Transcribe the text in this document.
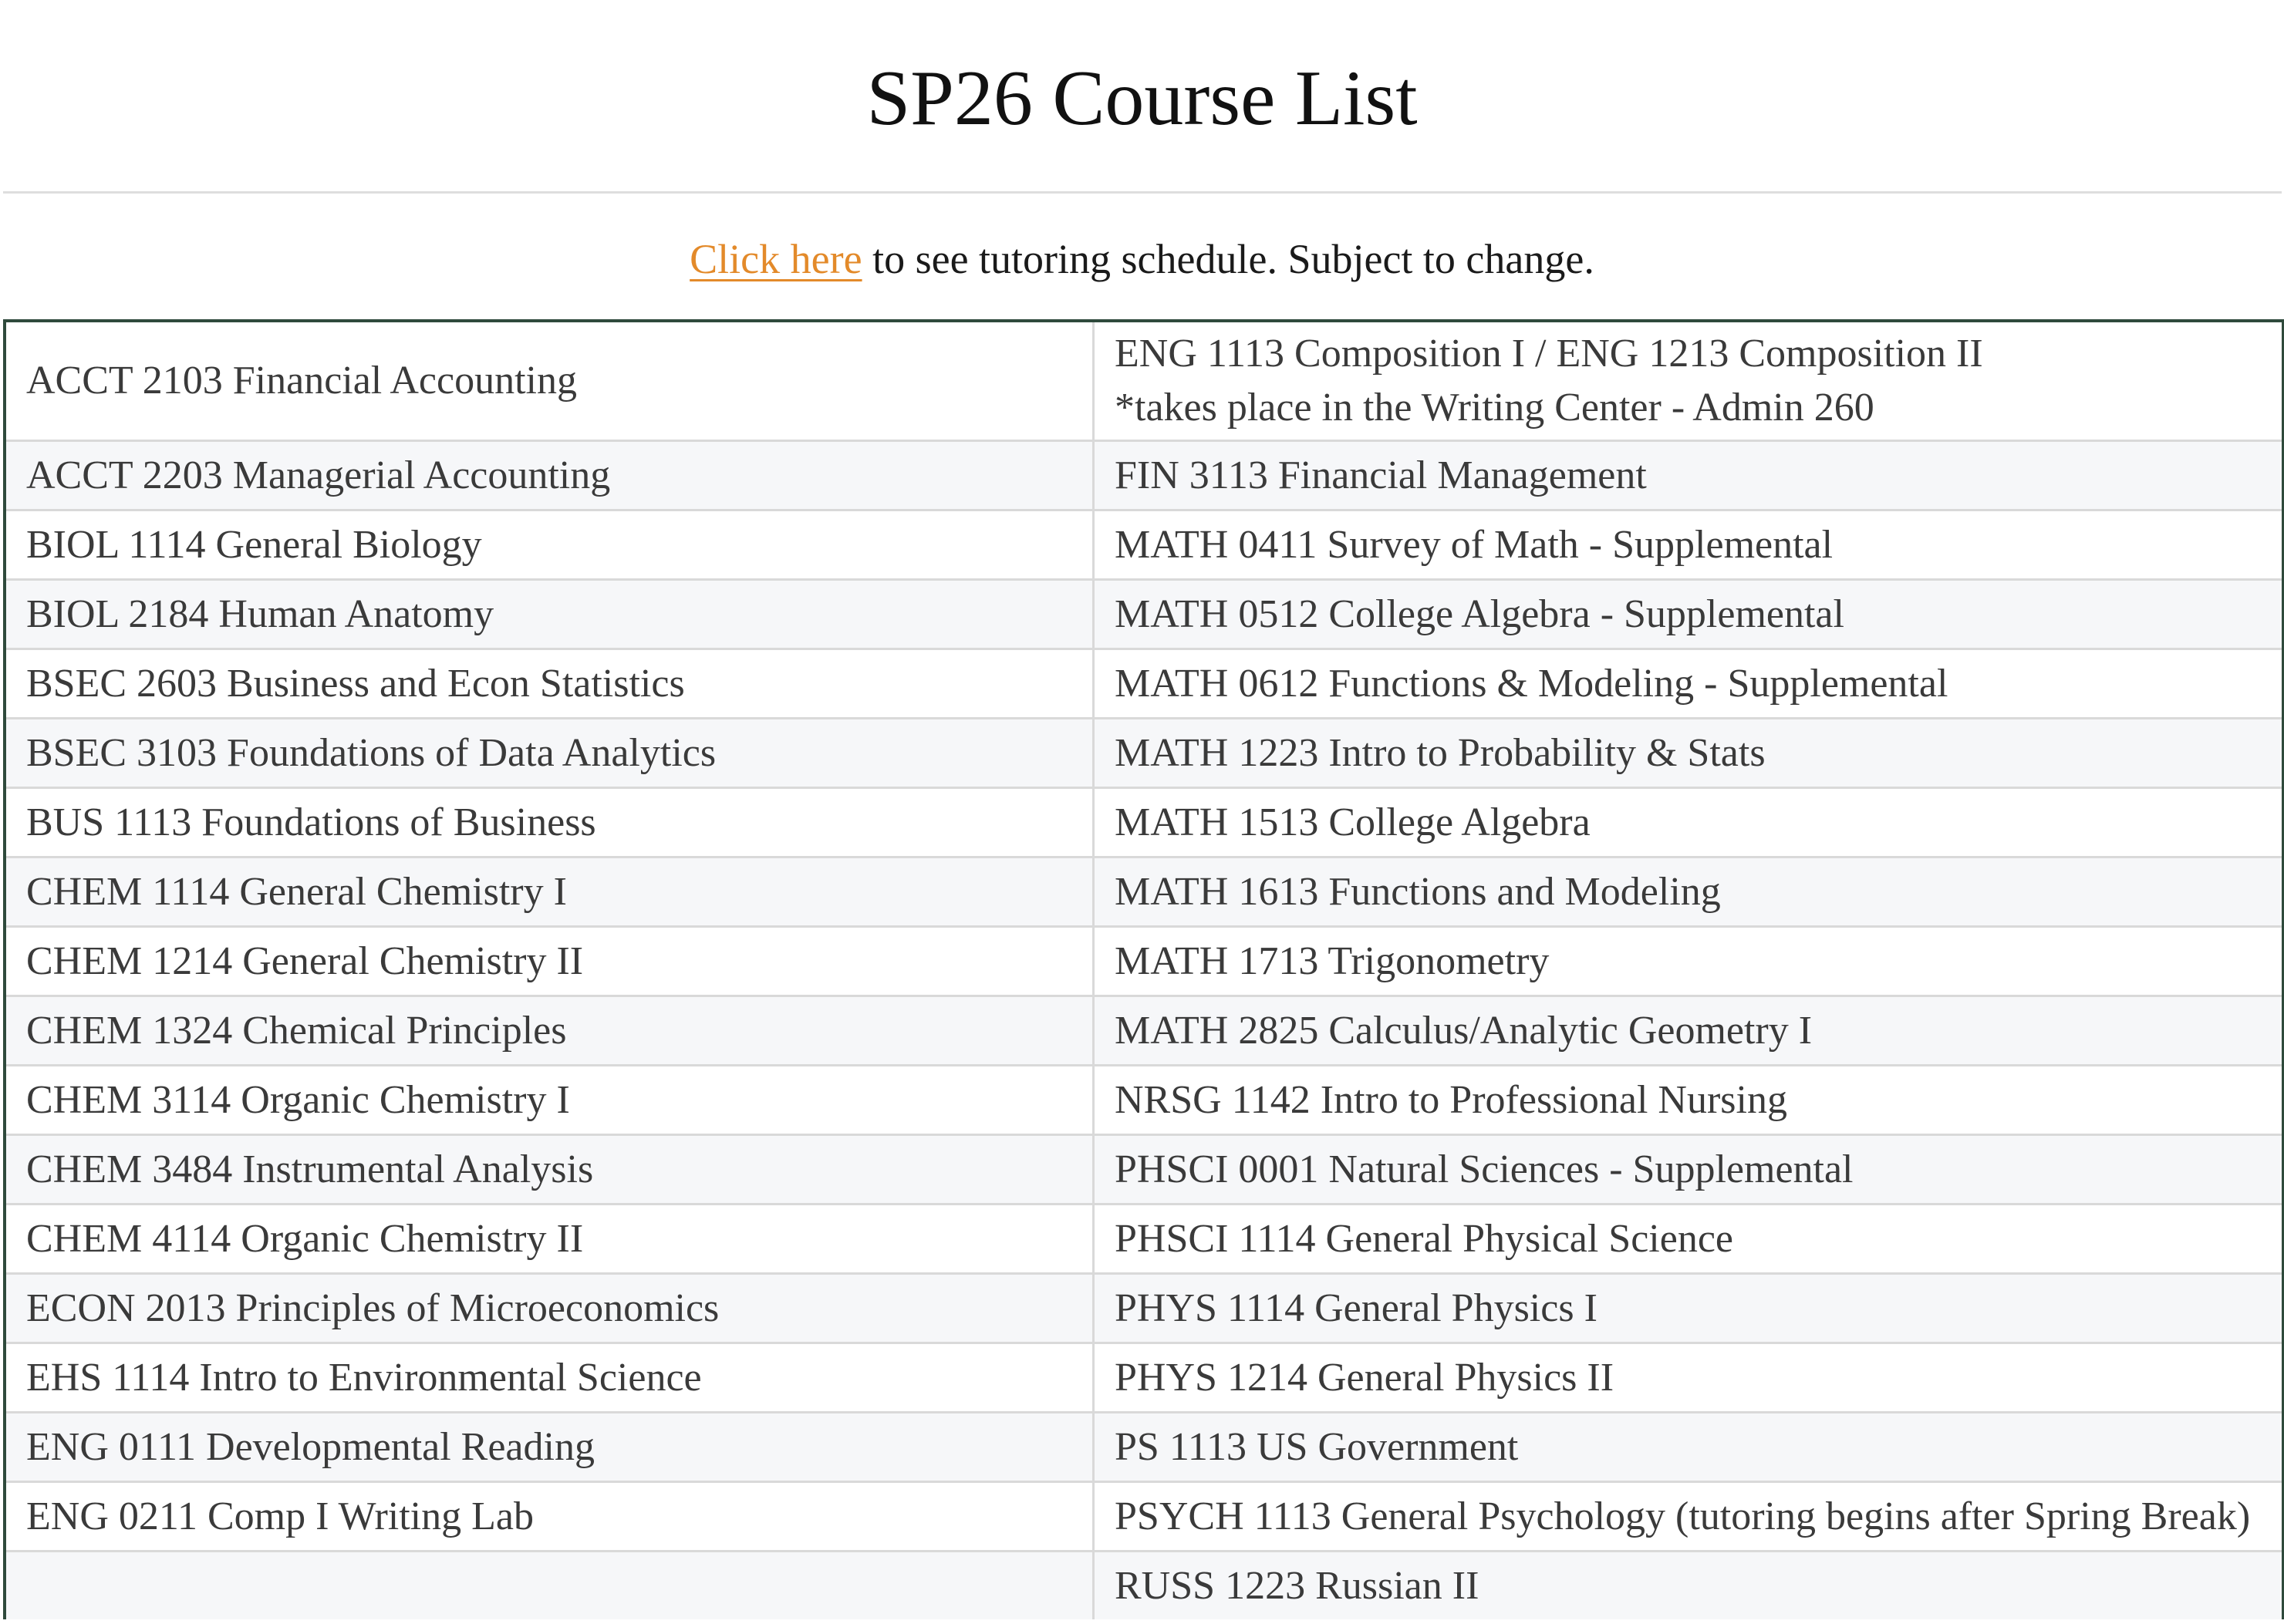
SP26 Course List

Click here to see tutoring schedule. Subject to change.

ACCT 2103 Financial Accounting	ENG 1113 Composition I / ENG 1213 Composition II
*takes place in the Writing Center - Admin 260

ACCT 2203 Managerial Accounting	FIN 3113 Financial Management
BIOL 1114 General Biology	MATH 0411 Survey of Math - Supplemental
BIOL 2184 Human Anatomy	MATH 0512 College Algebra - Supplemental
BSEC 2603 Business and Econ Statistics	MATH 0612 Functions & Modeling - Supplemental
BSEC 3103 Foundations of Data Analytics	MATH 1223 Intro to Probability & Stats
BUS 1113 Foundations of Business	MATH 1513 College Algebra
CHEM 1114 General Chemistry I	MATH 1613 Functions and Modeling
CHEM 1214 General Chemistry II	MATH 1713 Trigonometry
CHEM 1324 Chemical Principles	MATH 2825 Calculus/Analytic Geometry I
CHEM 3114 Organic Chemistry I	NRSG 1142 Intro to Professional Nursing
CHEM 3484 Instrumental Analysis	PHSCI 0001 Natural Sciences - Supplemental
CHEM 4114 Organic Chemistry II	PHSCI 1114 General Physical Science
ECON 2013 Principles of Microeconomics	PHYS 1114 General Physics I
EHS 1114 Intro to Environmental Science	PHYS 1214 General Physics II
ENG 0111 Developmental Reading	PS 1113 US Government
ENG 0211 Comp I Writing Lab	PSYCH 1113 General Psychology (tutoring begins after Spring Break)
	RUSS 1223 Russian II
